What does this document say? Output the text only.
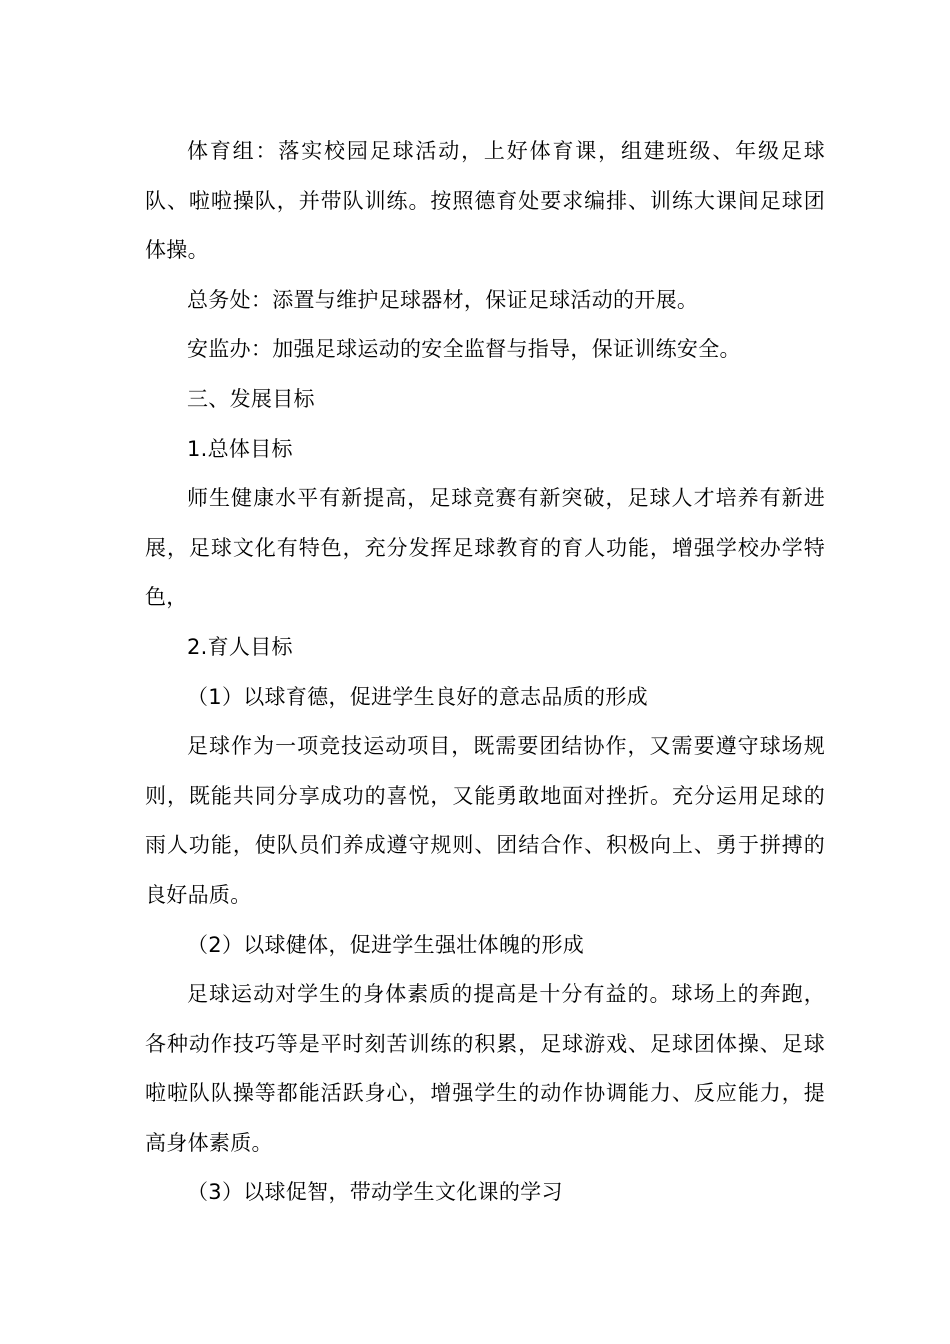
体育组：落实校园足球活动，上好体育课，组建班级、年级足球队、啦啦操队，并带队训练。按照德育处要求编排、训练大课间足球团体操。

总务处：添置与维护足球器材，保证足球活动的开展。

安监办：加强足球运动的安全监督与指导，保证训练安全。

三、发展目标

1.总体目标

师生健康水平有新提高，足球竞赛有新突破，足球人才培养有新进展，足球文化有特色，充分发挥足球教育的育人功能，增强学校办学特色，

2.育人目标

（1）以球育德，促进学生良好的意志品质的形成

足球作为一项竞技运动项目，既需要团结协作，又需要遵守球场规则，既能共同分享成功的喜悦，又能勇敢地面对挫折。充分运用足球的雨人功能，使队员们养成遵守规则、团结合作、积极向上、勇于拼搏的良好品质。

（2）以球健体，促进学生强壮体魄的形成

足球运动对学生的身体素质的提高是十分有益的。球场上的奔跑，各种动作技巧等是平时刻苦训练的积累，足球游戏、足球团体操、足球啦啦队队操等都能活跃身心，增强学生的动作协调能力、反应能力，提高身体素质。

（3）以球促智，带动学生文化课的学习
